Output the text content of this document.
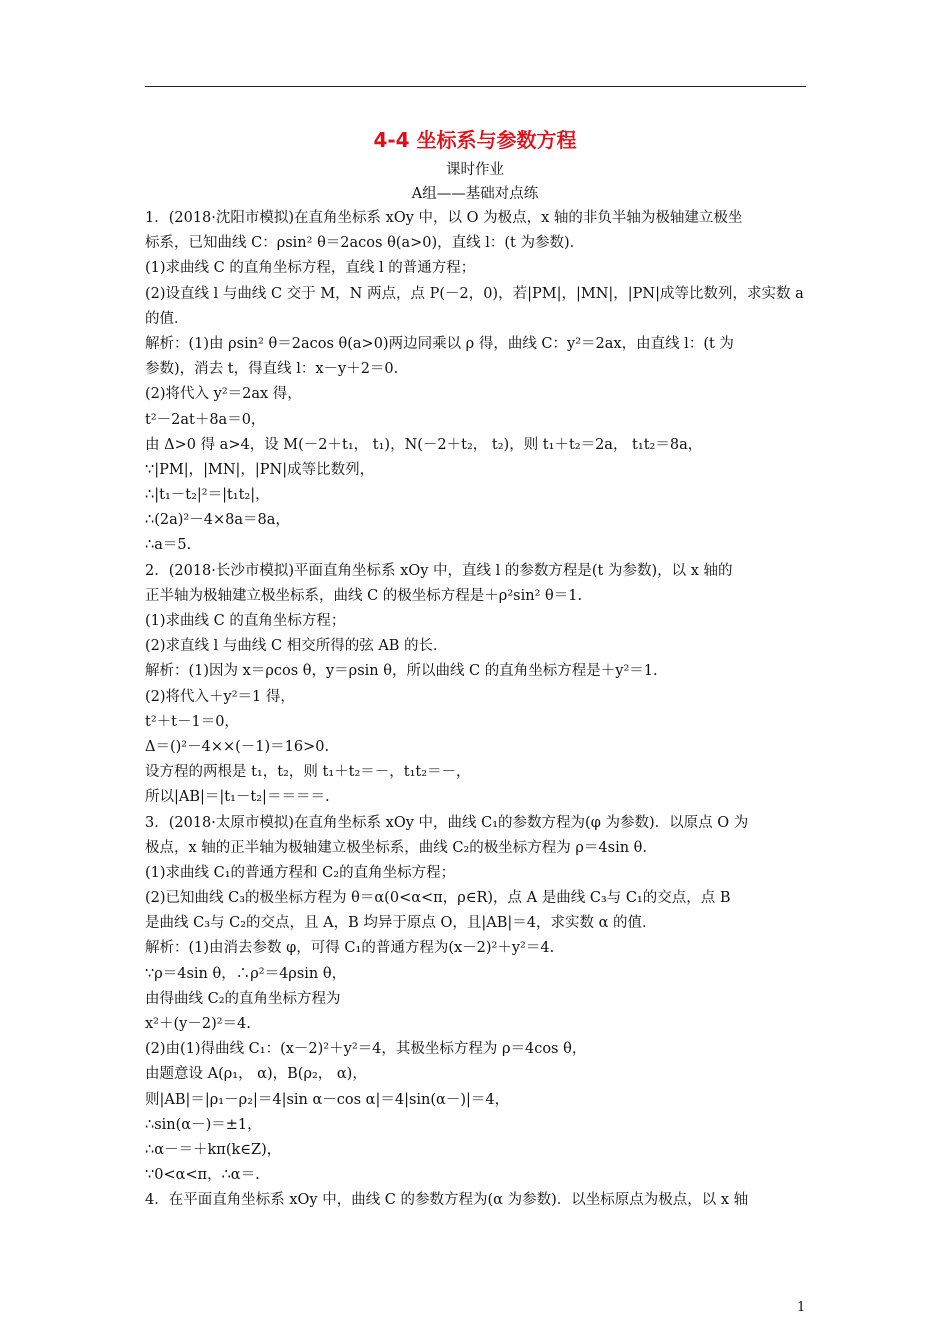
4-4 坐标系与参数方程
课时作业
A组——基础对点练
1．(2018·沈阳市模拟)在直角坐标系 xOy 中，以 O 为极点，x 轴的非负半轴为极轴建立极坐
标系，已知曲线 C：ρsin² θ＝2acos θ(a>0)，直线 l：(t 为参数)．
(1)求曲线 C 的直角坐标方程，直线 l 的普通方程；
(2)设直线 l 与曲线 C 交于 M，N 两点，点 P(－2，0)，若|PM|，|MN|，|PN|成等比数列，求实数 a
的值．
解析：(1)由 ρsin² θ＝2acos θ(a>0)两边同乘以 ρ 得，曲线 C：y²＝2ax，由直线 l：(t 为
参数)，消去 t，得直线 l：x－y＋2＝0.
(2)将代入 y²＝2ax 得，
t²－2at＋8a＝0，
由 Δ>0 得 a>4，设 M(－2＋t₁， t₁)，N(－2＋t₂， t₂)，则 t₁＋t₂＝2a， t₁t₂＝8a，
∵|PM|，|MN|，|PN|成等比数列，
∴|t₁－t₂|²＝|t₁t₂|，
∴(2a)²－4×8a＝8a，
∴a＝5.
2．(2018·长沙市模拟)平面直角坐标系 xOy 中，直线 l 的参数方程是(t 为参数)，以 x 轴的
正半轴为极轴建立极坐标系，曲线 C 的极坐标方程是＋ρ²sin² θ＝1.
(1)求曲线 C 的直角坐标方程；
(2)求直线 l 与曲线 C 相交所得的弦 AB 的长．
解析：(1)因为 x＝ρcos θ，y＝ρsin θ，所以曲线 C 的直角坐标方程是＋y²＝1.
(2)将代入＋y²＝1 得，
t²＋t－1＝0，
Δ＝()²－4××(－1)＝16>0.
设方程的两根是 t₁，t₂，则 t₁＋t₂＝－，t₁t₂＝－，
所以|AB|＝|t₁－t₂|＝＝＝＝.
3．(2018·太原市模拟)在直角坐标系 xOy 中，曲线 C₁的参数方程为(φ 为参数)．以原点 O 为
极点，x 轴的正半轴为极轴建立极坐标系，曲线 C₂的极坐标方程为 ρ＝4sin θ.
(1)求曲线 C₁的普通方程和 C₂的直角坐标方程；
(2)已知曲线 C₃的极坐标方程为 θ＝α(0<α<π，ρ∈R)，点 A 是曲线 C₃与 C₁的交点，点 B
是曲线 C₃与 C₂的交点，且 A，B 均异于原点 O，且|AB|＝4，求实数 α 的值．
解析：(1)由消去参数 φ，可得 C₁的普通方程为(x－2)²＋y²＝4.
∵ρ＝4sin θ，∴ρ²＝4ρsin θ，
由得曲线 C₂的直角坐标方程为
x²＋(y－2)²＝4.
(2)由(1)得曲线 C₁：(x－2)²＋y²＝4，其极坐标方程为 ρ＝4cos θ，
由题意设 A(ρ₁， α)，B(ρ₂， α)，
则|AB|＝|ρ₁－ρ₂|＝4|sin α－cos α|＝4|sin(α－)|＝4，
∴sin(α－)＝±1，
∴α－＝＋kπ(k∈Z)，
∵0<α<π，∴α＝.
4．在平面直角坐标系 xOy 中，曲线 C 的参数方程为(α 为参数)．以坐标原点为极点，以 x 轴
1
